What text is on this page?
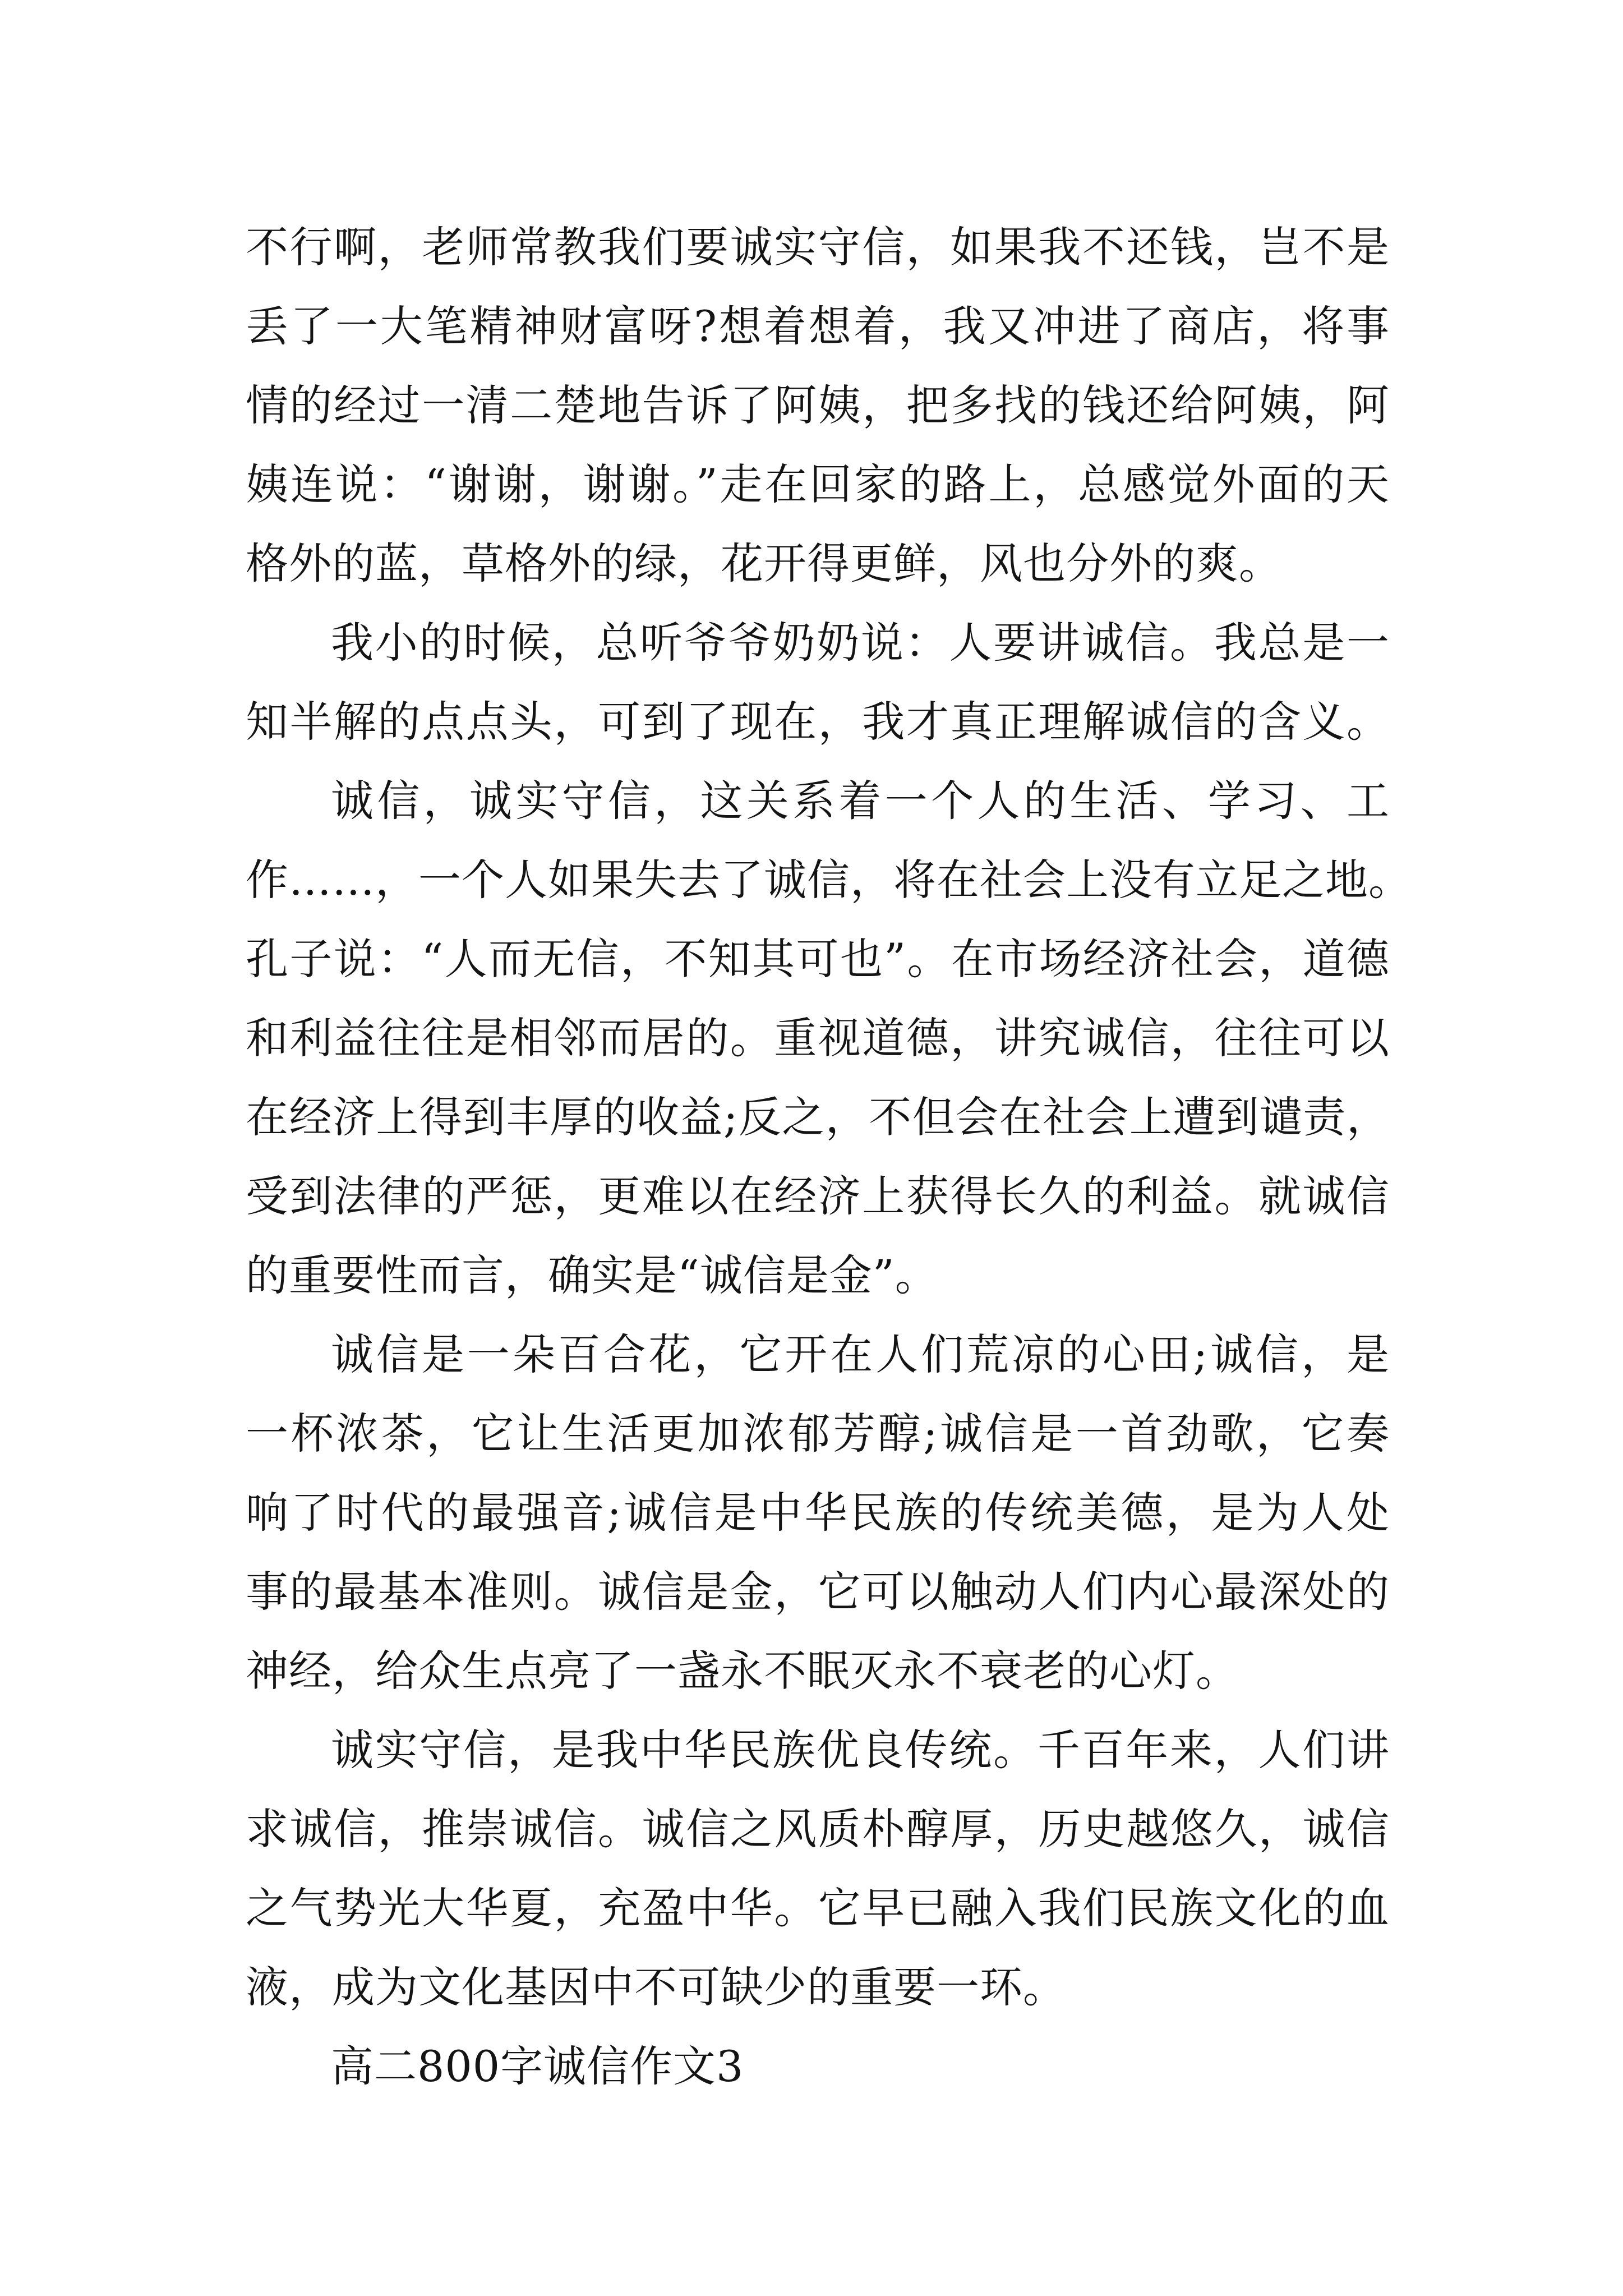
不行啊，老师常教我们要诚实守信，如果我不还钱，岂不是
丢了一大笔精神财富呀?想着想着，我又冲进了商店，将事
情的经过一清二楚地告诉了阿姨，把多找的钱还给阿姨，阿
姨连说：“谢谢，谢谢。”走在回家的路上，总感觉外面的天
格外的蓝，草格外的绿，花开得更鲜，风也分外的爽。
我小的时候，总听爷爷奶奶说：人要讲诚信。我总是一
知半解的点点头，可到了现在，我才真正理解诚信的含义。
诚信，诚实守信，这关系着一个人的生活、学习、工
作……，一个人如果失去了诚信，将在社会上没有立足之地。
孔子说：“人而无信，不知其可也”。在市场经济社会，道德
和利益往往是相邻而居的。重视道德，讲究诚信，往往可以
在经济上得到丰厚的收益;反之，不但会在社会上遭到谴责，
受到法律的严惩，更难以在经济上获得长久的利益。就诚信
的重要性而言，确实是“诚信是金”。
诚信是一朵百合花，它开在人们荒凉的心田;诚信，是
一杯浓茶，它让生活更加浓郁芳醇;诚信是一首劲歌，它奏
响了时代的最强音;诚信是中华民族的传统美德，是为人处
事的最基本准则。诚信是金，它可以触动人们内心最深处的
神经，给众生点亮了一盏永不眠灭永不衰老的心灯。
诚实守信，是我中华民族优良传统。千百年来，人们讲
求诚信，推崇诚信。诚信之风质朴醇厚，历史越悠久，诚信
之气势光大华夏，充盈中华。它早已融入我们民族文化的血
液，成为文化基因中不可缺少的重要一环。
高二800字诚信作文3
